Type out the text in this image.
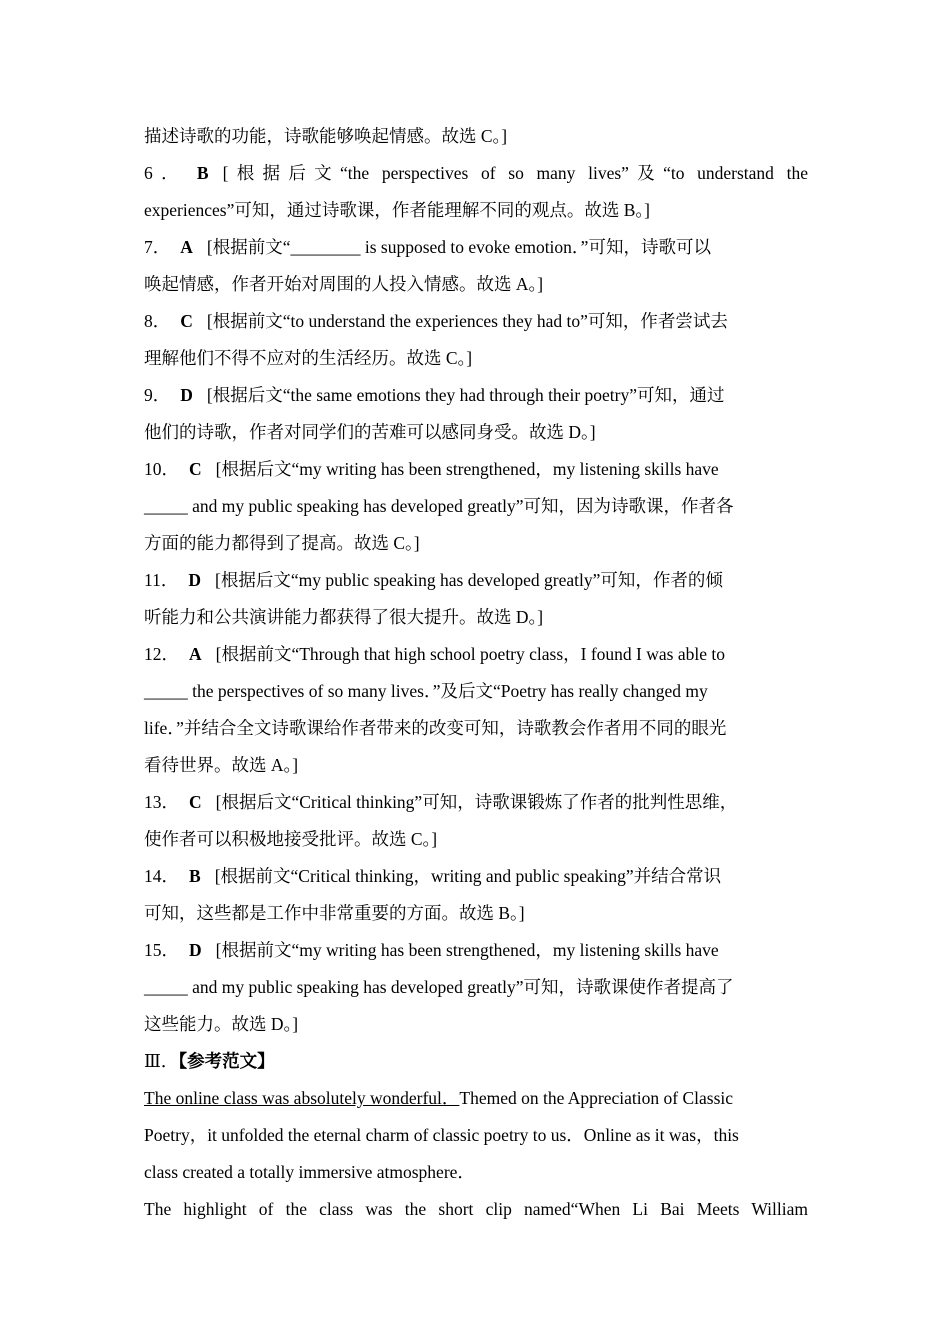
描述诗歌的功能，诗歌能够唤起情感。故选 C。]
6． B [根据后文“the perspectives of so many lives”及“to understand the
experiences”可知，通过诗歌课，作者能理解不同的观点。故选 B。]
7． A [根据前文“________ is supposed to evoke emotion．”可知，诗歌可以
唤起情感，作者开始对周围的人投入情感。故选 A。]
8． C [根据前文“to understand the experiences they had to”可知，作者尝试去
理解他们不得不应对的生活经历。故选 C。]
9． D [根据后文“the same emotions they had through their poetry”可知，通过
他们的诗歌，作者对同学们的苦难可以感同身受。故选 D。]
10． C [根据后文“my writing has been strengthened，my listening skills have
_____ and my public speaking has developed greatly”可知，因为诗歌课，作者各
方面的能力都得到了提高。故选 C。]
11． D [根据后文“my public speaking has developed greatly”可知，作者的倾
听能力和公共演讲能力都获得了很大提升。故选 D。]
12． A [根据前文“Through that high school poetry class，I found I was able to
_____ the perspectives of so many lives．”及后文“Poetry has really changed my
life．”并结合全文诗歌课给作者带来的改变可知，诗歌教会作者用不同的眼光
看待世界。故选 A。]
13． C [根据后文“Critical thinking”可知，诗歌课锻炼了作者的批判性思维，
使作者可以积极地接受批评。故选 C。]
14． B [根据前文“Critical thinking，writing and public speaking”并结合常识
可知，这些都是工作中非常重要的方面。故选 B。]
15． D [根据前文“my writing has been strengthened，my listening skills have
_____ and my public speaking has developed greatly”可知，诗歌课使作者提高了
这些能力。故选 D。]
Ⅲ．【参考范文】
The online class was absolutely wonderful．Themed on the Appreciation of Classic
Poetry，it unfolded the eternal charm of classic poetry to us．Online as it was，this
class created a totally immersive atmosphere．
The highlight of the class was the short clip named“When Li Bai Meets William
